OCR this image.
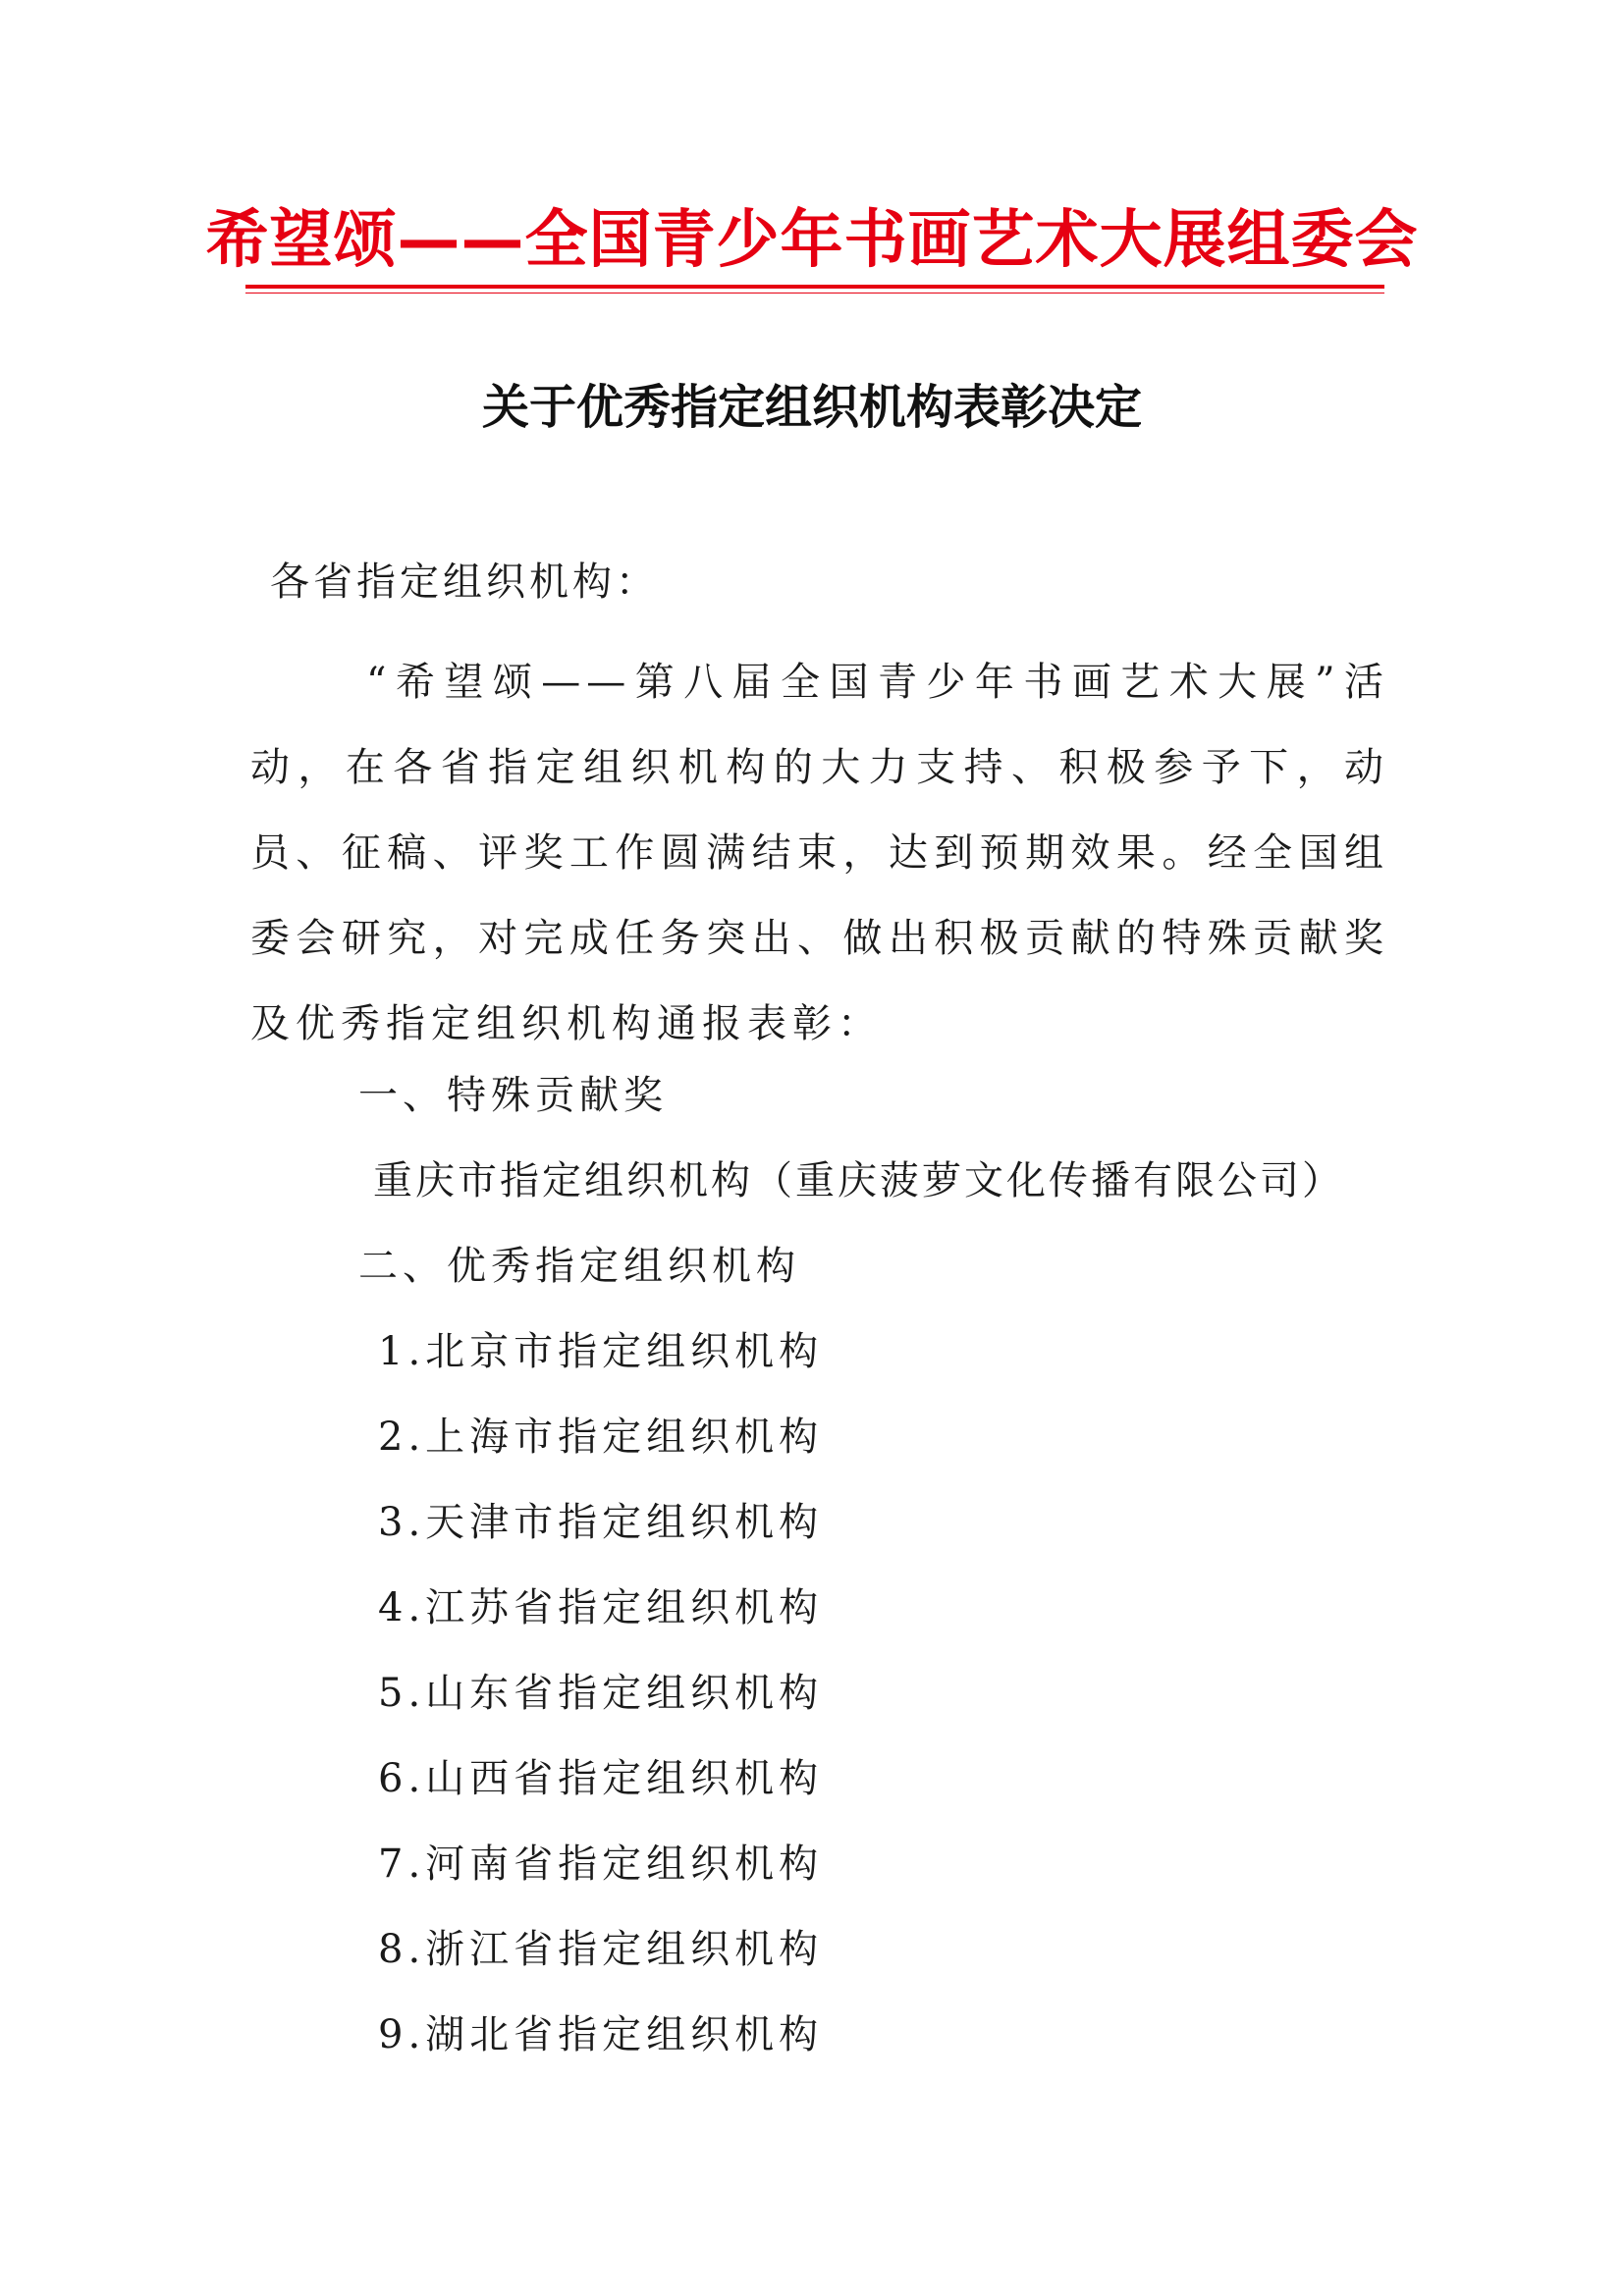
希望颂——全国青少年书画艺术大展组委会
关于优秀指定组织机构表彰决定
各省指定组织机构：
“希望颂——第八届全国青少年书画艺术大展”活动，在各省指定组织机构的大力支持、积极参予下，动员、征稿、评奖工作圆满结束，达到预期效果。经全国组委会研究，对完成任务突出、做出积极贡献的特殊贡献奖及优秀指定组织机构通报表彰：
一、特殊贡献奖
重庆市指定组织机构（重庆菠萝文化传播有限公司）
二、优秀指定组织机构
1.北京市指定组织机构
2.上海市指定组织机构
3.天津市指定组织机构
4.江苏省指定组织机构
5.山东省指定组织机构
6.山西省指定组织机构
7.河南省指定组织机构
8.浙江省指定组织机构
9.湖北省指定组织机构
